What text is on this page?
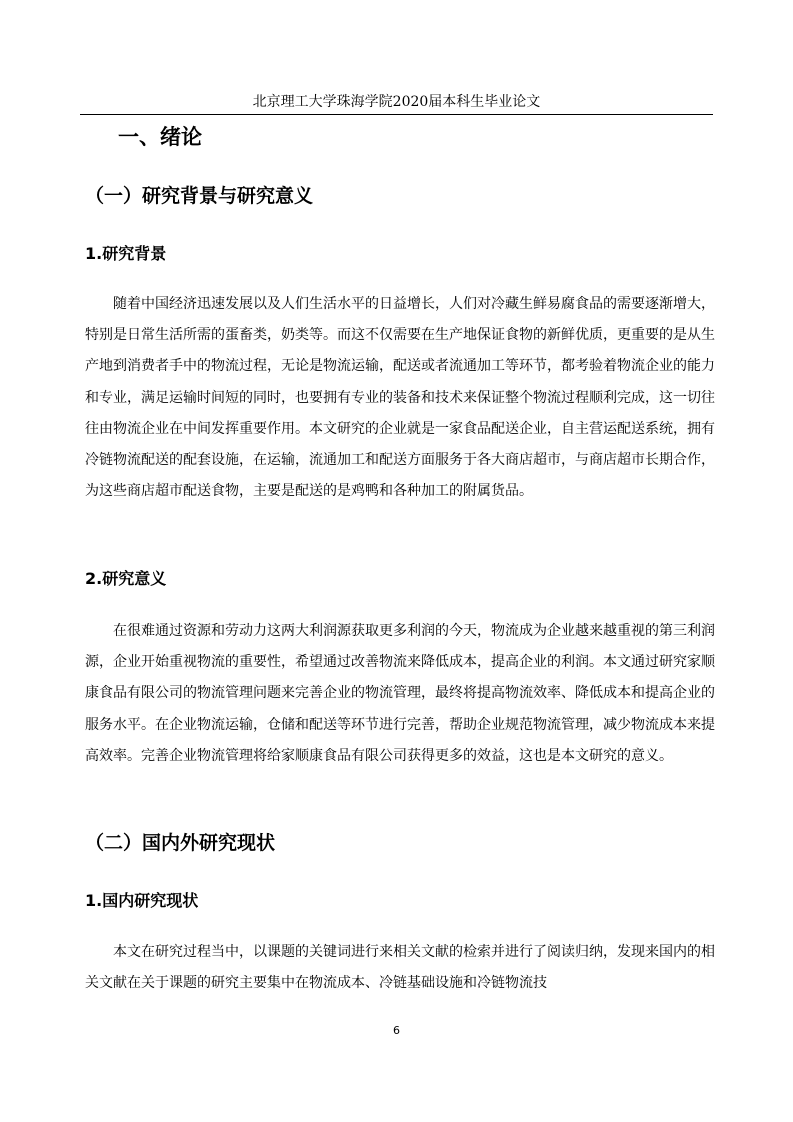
北京理工大学珠海学院2020届本科生毕业论文
一、绪论
（一）研究背景与研究意义
1.研究背景

随着中国经济迅速发展以及人们生活水平的日益增长，人们对冷藏生鲜易腐食品的需要逐渐增大，特别是日常生活所需的蛋畜类，奶类等。而这不仅需要在生产地保证食物的新鲜优质，更重要的是从生产地到消费者手中的物流过程，无论是物流运输，配送或者流通加工等环节，都考验着物流企业的能力和专业，满足运输时间短的同时，也要拥有专业的装备和技术来保证整个物流过程顺利完成，这一切往往由物流企业在中间发挥重要作用。本文研究的企业就是一家食品配送企业，自主营运配送系统，拥有冷链物流配送的配套设施，在运输，流通加工和配送方面服务于各大商店超市，与商店超市长期合作，为这些商店超市配送食物，主要是配送的是鸡鸭和各种加工的附属货品。

2.研究意义

在很难通过资源和劳动力这两大利润源获取更多利润的今天，物流成为企业越来越重视的第三利润源，企业开始重视物流的重要性，希望通过改善物流来降低成本，提高企业的利润。本文通过研究家顺康食品有限公司的物流管理问题来完善企业的物流管理，最终将提高物流效率、降低成本和提高企业的服务水平。在企业物流运输，仓储和配送等环节进行完善，帮助企业规范物流管理，减少物流成本来提高效率。完善企业物流管理将给家顺康食品有限公司获得更多的效益，这也是本文研究的意义。

（二）国内外研究现状
1.国内研究现状

本文在研究过程当中，以课题的关键词进行来相关文献的检索并进行了阅读归纳，发现来国内的相关文献在关于课题的研究主要集中在物流成本、冷链基础设施和冷链物流技

6
